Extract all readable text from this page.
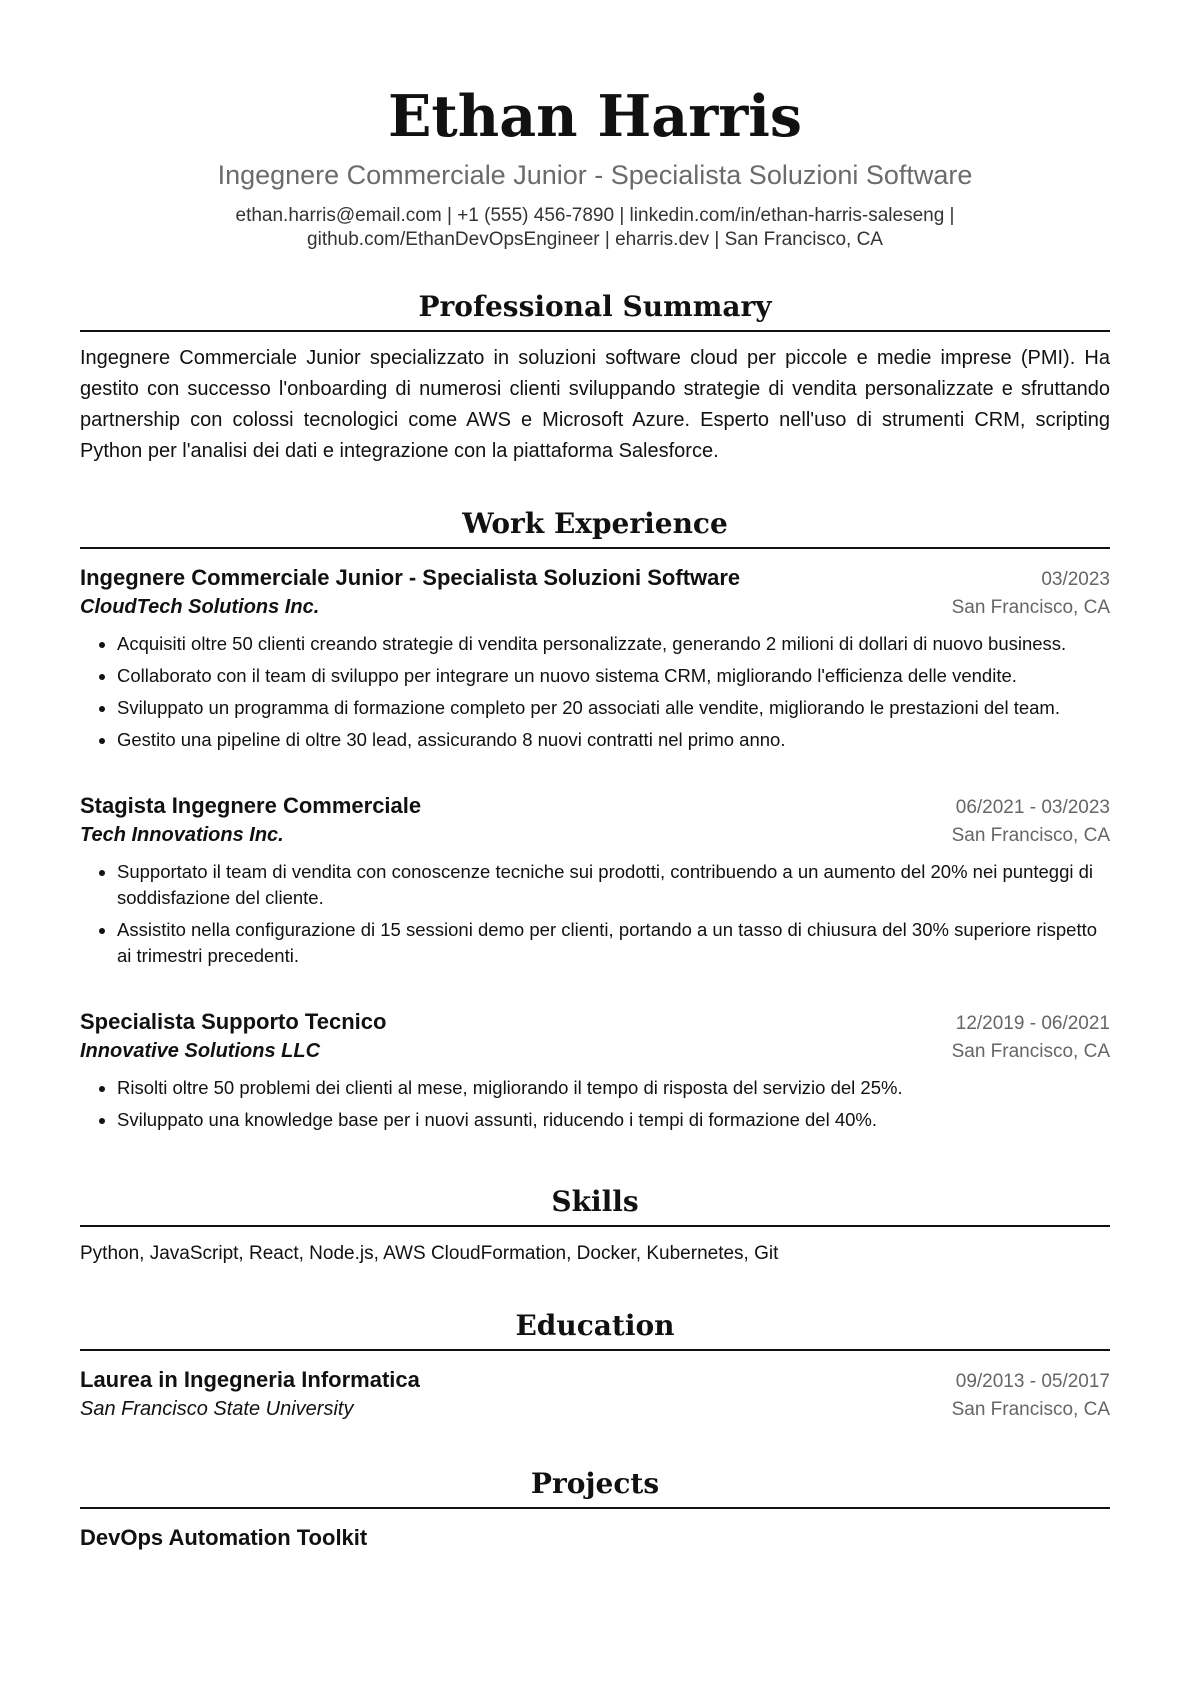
Ethan Harris
Ingegnere Commerciale Junior - Specialista Soluzioni Software
ethan.harris@email.com | +1 (555) 456-7890 | linkedin.com/in/ethan-harris-saleseng |
github.com/EthanDevOpsEngineer | eharris.dev | San Francisco, CA
Professional Summary
Ingegnere Commerciale Junior specializzato in soluzioni software cloud per piccole e medie imprese (PMI). Ha gestito con successo l'onboarding di numerosi clienti sviluppando strategie di vendita personalizzate e sfruttando partnership con colossi tecnologici come AWS e Microsoft Azure. Esperto nell'uso di strumenti CRM, scripting Python per l'analisi dei dati e integrazione con la piattaforma Salesforce.
Work Experience
Ingegnere Commerciale Junior - Specialista Soluzioni Software	03/2023
CloudTech Solutions Inc.	San Francisco, CA
• Acquisiti oltre 50 clienti creando strategie di vendita personalizzate, generando 2 milioni di dollari di nuovo business.
• Collaborato con il team di sviluppo per integrare un nuovo sistema CRM, migliorando l'efficienza delle vendite.
• Sviluppato un programma di formazione completo per 20 associati alle vendite, migliorando le prestazioni del team.
• Gestito una pipeline di oltre 30 lead, assicurando 8 nuovi contratti nel primo anno.
Stagista Ingegnere Commerciale	06/2021 - 03/2023
Tech Innovations Inc.	San Francisco, CA
• Supportato il team di vendita con conoscenze tecniche sui prodotti, contribuendo a un aumento del 20% nei punteggi di soddisfazione del cliente.
• Assistito nella configurazione di 15 sessioni demo per clienti, portando a un tasso di chiusura del 30% superiore rispetto ai trimestri precedenti.
Specialista Supporto Tecnico	12/2019 - 06/2021
Innovative Solutions LLC	San Francisco, CA
• Risolti oltre 50 problemi dei clienti al mese, migliorando il tempo di risposta del servizio del 25%.
• Sviluppato una knowledge base per i nuovi assunti, riducendo i tempi di formazione del 40%.
Skills
Python, JavaScript, React, Node.js, AWS CloudFormation, Docker, Kubernetes, Git
Education
Laurea in Ingegneria Informatica	09/2013 - 05/2017
San Francisco State University	San Francisco, CA
Projects
DevOps Automation Toolkit
